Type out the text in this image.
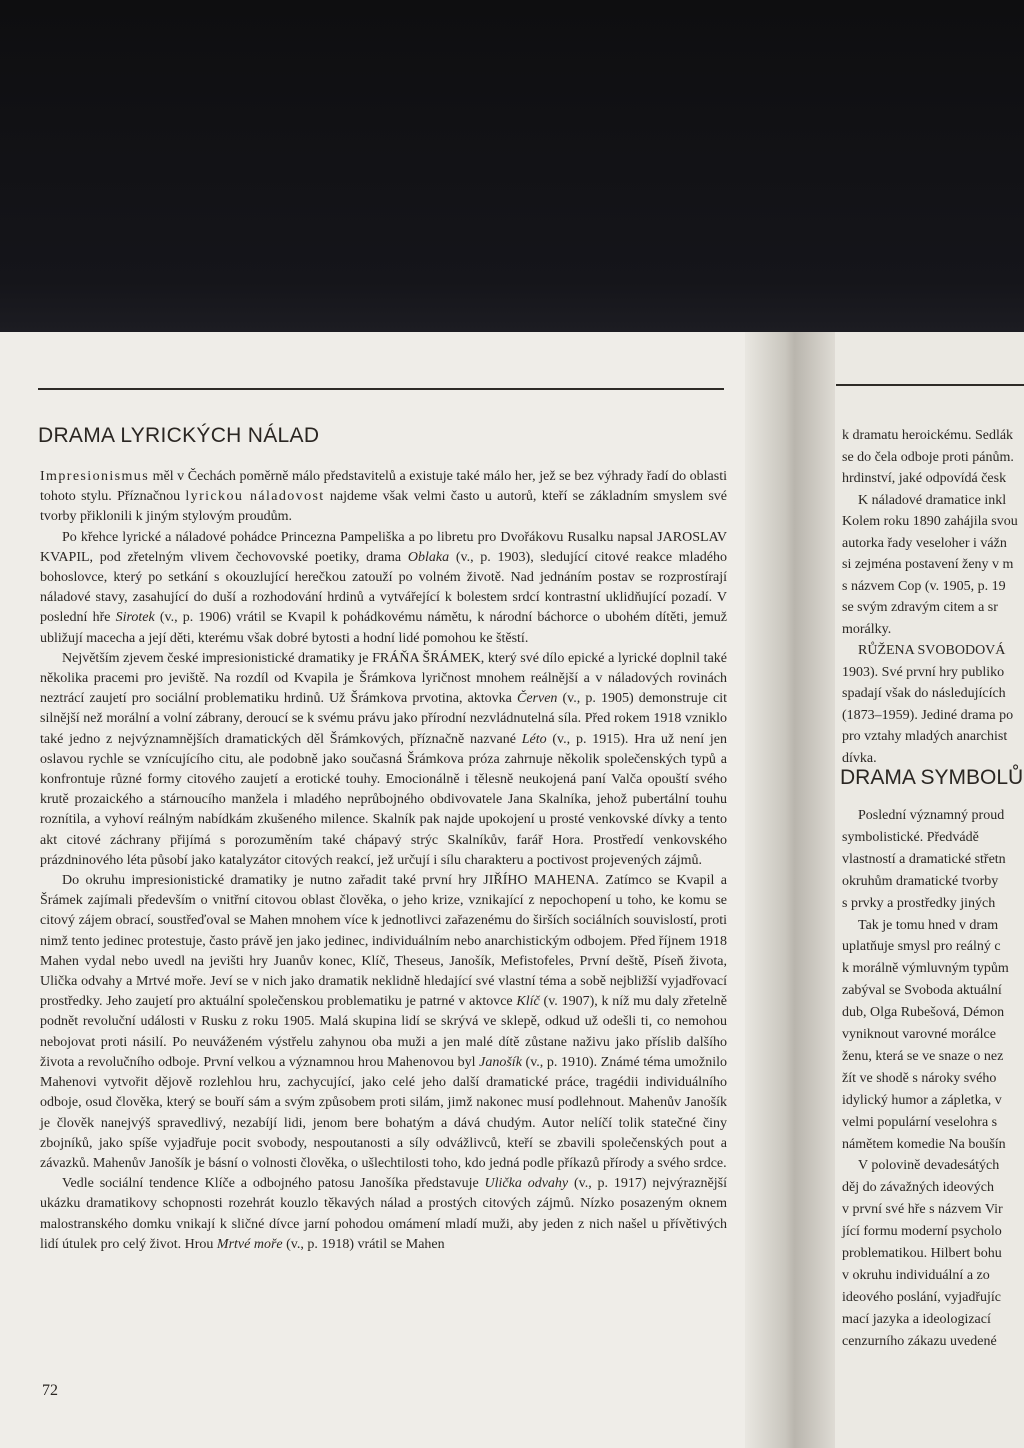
DRAMA LYRICKÝCH NÁLAD

Impresionismus měl v Čechách poměrně málo představitelů a existuje také málo her, jež se bez výhrady řadí do oblasti tohoto stylu. Příznačnou lyrickou náladovost najdeme však velmi často u autorů, kteří se základním smyslem své tvorby přiklonili k jiným stylovým proudům.

Po křehce lyrické a náladové pohádce Princezna Pampeliška a po libretu pro Dvořákovu Rusalku napsal JAROSLAV KVAPIL, pod zřetelným vlivem čechovovské poetiky, drama Oblaka (v., p. 1903), sledující citové reakce mladého bohoslovce, který po setkání s okouzlující herečkou zatouží po volném životě. Nad jednáním postav se rozprostírají náladové stavy, zasahující do duší a rozhodování hrdinů a vytvářející k bolestem srdcí kontrastní uklidňující pozadí. V poslední hře Sirotek (v., p. 1906) vrátil se Kvapil k pohádkovému námětu, k národní báchorce o ubohém dítěti, jemuž ubližují macecha a její děti, kterému však dobré bytosti a hodní lidé pomohou ke štěstí.

Největším zjevem české impresionistické dramatiky je FRÁŇA ŠRÁMEK, který své dílo epické a lyrické doplnil také několika pracemi pro jeviště. Na rozdíl od Kvapila je Šrámkova lyričnost mnohem reálnější a v náladových rovinách neztrácí zaujetí pro sociální problematiku hrdinů. Už Šrámkova prvotina, aktovka Červen (v., p. 1905) demonstruje cit silnější než morální a volní zábrany, deroucí se k svému právu jako přírodní nezvládnutelná síla. Před rokem 1918 vzniklo také jedno z nejvýznamnějších dramatických děl Šrámkových, příznačně nazvané Léto (v., p. 1915). Hra už není jen oslavou rychle se vznícujícího citu, ale podobně jako současná Šrámkova próza zahrnuje několik společenských typů a konfrontuje různé formy citového zaujetí a erotické touhy. Emocionálně i tělesně neukojená paní Valča opouští svého krutě prozaického a stárnoucího manžela i mladého neprůbojného obdivovatele Jana Skalníka, jehož pubertální touhu roznítila, a vyhoví reálným nabídkám zkušeného milence. Skalník pak najde upokojení u prosté venkovské dívky a tento akt citové záchrany přijímá s porozuměním také chápavý strýc Skalníkův, farář Hora. Prostředí venkovského prázdninového léta působí jako katalyzátor citových reakcí, jež určují i sílu charakteru a poctivost projevených zájmů.

Do okruhu impresionistické dramatiky je nutno zařadit také první hry JIŘÍHO MAHENA. Zatímco se Kvapil a Šrámek zajímali především o vnitřní citovou oblast člověka, o jeho krize, vznikající z nepochopení u toho, ke komu se citový zájem obrací, soustřeďoval se Mahen mnohem více k jednotlivci zařazenému do širších sociálních souvislostí, proti nimž tento jedinec protestuje, často právě jen jako jedinec, individuálním nebo anarchistickým odbojem. Před říjnem 1918 Mahen vydal nebo uvedl na jevišti hry Juanův konec, Klíč, Theseus, Janošík, Mefistofeles, První deště, Píseň života, Ulička odvahy a Mrtvé moře. Jeví se v nich jako dramatik neklidně hledající své vlastní téma a sobě nejbližší vyjadřovací prostředky. Jeho zaujetí pro aktuální společenskou problematiku je patrné v aktovce Klíč (v. 1907), k níž mu daly zřetelně podnět revoluční události v Rusku z roku 1905. Malá skupina lidí se skrývá ve sklepě, odkud už odešli ti, co nemohou nebojovat proti násilí. Po neuváženém výstřelu zahynou oba muži a jen malé dítě zůstane naživu jako příslib dalšího života a revolučního odboje. První velkou a významnou hrou Mahenovou byl Janošík (v., p. 1910). Známé téma umožnilo Mahenovi vytvořit dějově rozlehlou hru, zachycující, jako celé jeho další dramatické práce, tragédii individuálního odboje, osud člověka, který se bouří sám a svým způsobem proti silám, jimž nakonec musí podlehnout. Mahenův Janošík je člověk nanejvýš spravedlivý, nezabíjí lidi, jenom bere bohatým a dává chudým. Autor nelíčí tolik statečné činy zbojníků, jako spíše vyjadřuje pocit svobody, nespoutanosti a síly odvážlivců, kteří se zbavili společenských pout a závazků. Mahenův Janošík je básní o volnosti člověka, o ušlechtilosti toho, kdo jedná podle příkazů přírody a svého srdce.

Vedle sociální tendence Klíče a odbojného patosu Janošíka představuje Ulička odvahy (v., p. 1917) nejvýraznější ukázku dramatikovy schopnosti rozehrát kouzlo těkavých nálad a prostých citových zájmů. Nízko posazeným oknem malostranského domku vnikají k sličné dívce jarní pohodou omámení mladí muži, aby jeden z nich našel u přívětivých lidí útulek pro celý život. Hrou Mrtvé moře (v., p. 1918) vrátil se Mahen

72
DRAMA SYMBOLŮ
k dramatu heroickému. Sedlák
se do čela odboje proti pánům.
hrdinství, jaké odpovídá česk
K náladové dramatice inkl
Kolem roku 1890 zahájila svou
autorka řady veseloher i vážn
si zejména postavení ženy v m
s názvem Cop (v. 1905, p. 19
se svým zdravým citem a sr
morálky.
RŮŽENA SVOBODOVÁ
1903). Své první hry publiko
spadají však do následujících
(1873–1959). Jediné drama po
pro vztahy mladých anarchist
dívka.
Poslední významný proud
symbolistické. Předvádě
vlastností a dramatické střetn
okruhům dramatické tvorby
s prvky a prostředky jiných
Tak je tomu hned v dram
uplatňuje smysl pro reálný c
k morálně výmluvným typům
zabýval se Svoboda aktuální
dub, Olga Rubešová, Démon
vyniknout varovné morálce
ženu, která se ve snaze o nez
žít ve shodě s nároky svého
idylický humor a zápletka, v
velmi populární veselohra s
námětem komedie Na boušín
V polovině devadesátých
děj do závažných ideových
v první své hře s názvem Vir
jící formu moderní psycholo
problematikou. Hilbert bohu
v okruhu individuální a zo
ideového poslání, vyjadřujíc
mací jazyka a ideologizací
cenzurního zákazu uvedené
